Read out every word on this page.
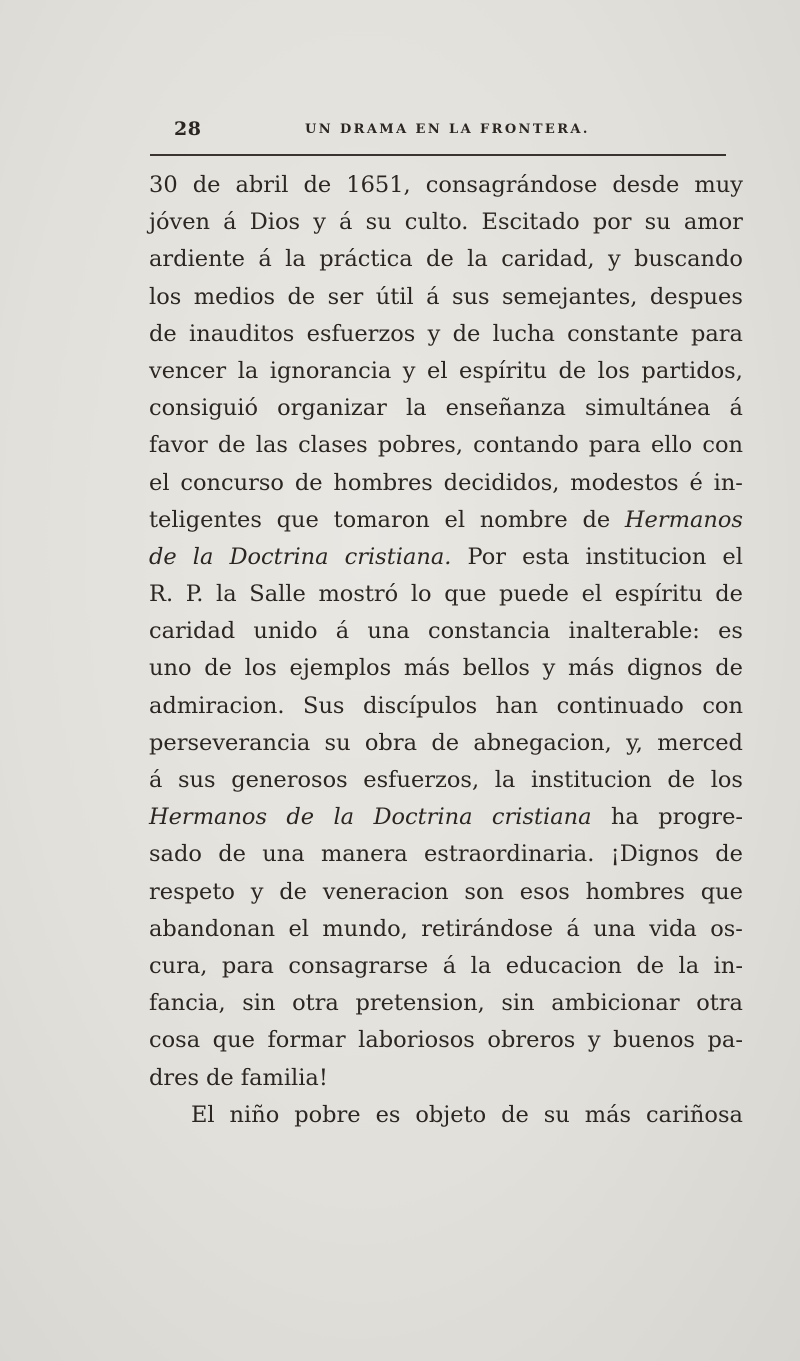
28	UN DRAMA EN LA FRONTERA.
30 de abril de 1651, consagrándose desde muy
jóven á Dios y á su culto. Escitado por su amor
ardiente á la práctica de la caridad, y buscando
los medios de ser útil á sus semejantes, despues
de inauditos esfuerzos y de lucha constante para
vencer la ignorancia y el espíritu de los partidos,
consiguió organizar la enseñanza simultánea á
favor de las clases pobres, contando para ello con
el concurso de hombres decididos, modestos é in-
teligentes que tomaron el nombre de Hermanos
de la Doctrina cristiana. Por esta institucion el
R. P. la Salle mostró lo que puede el espíritu de
caridad unido á una constancia inalterable: es
uno de los ejemplos más bellos y más dignos de
admiracion. Sus discípulos han continuado con
perseverancia su obra de abnegacion, y, merced
á sus generosos esfuerzos, la institucion de los
Hermanos de la Doctrina cristiana ha progre-
sado de una manera estraordinaria. ¡Dignos de
respeto y de veneracion son esos hombres que
abandonan el mundo, retirándose á una vida os-
cura, para consagrarse á la educacion de la in-
fancia, sin otra pretension, sin ambicionar otra
cosa que formar laboriosos obreros y buenos pa-
dres de familia!
El niño pobre es objeto de su más cariñosa
